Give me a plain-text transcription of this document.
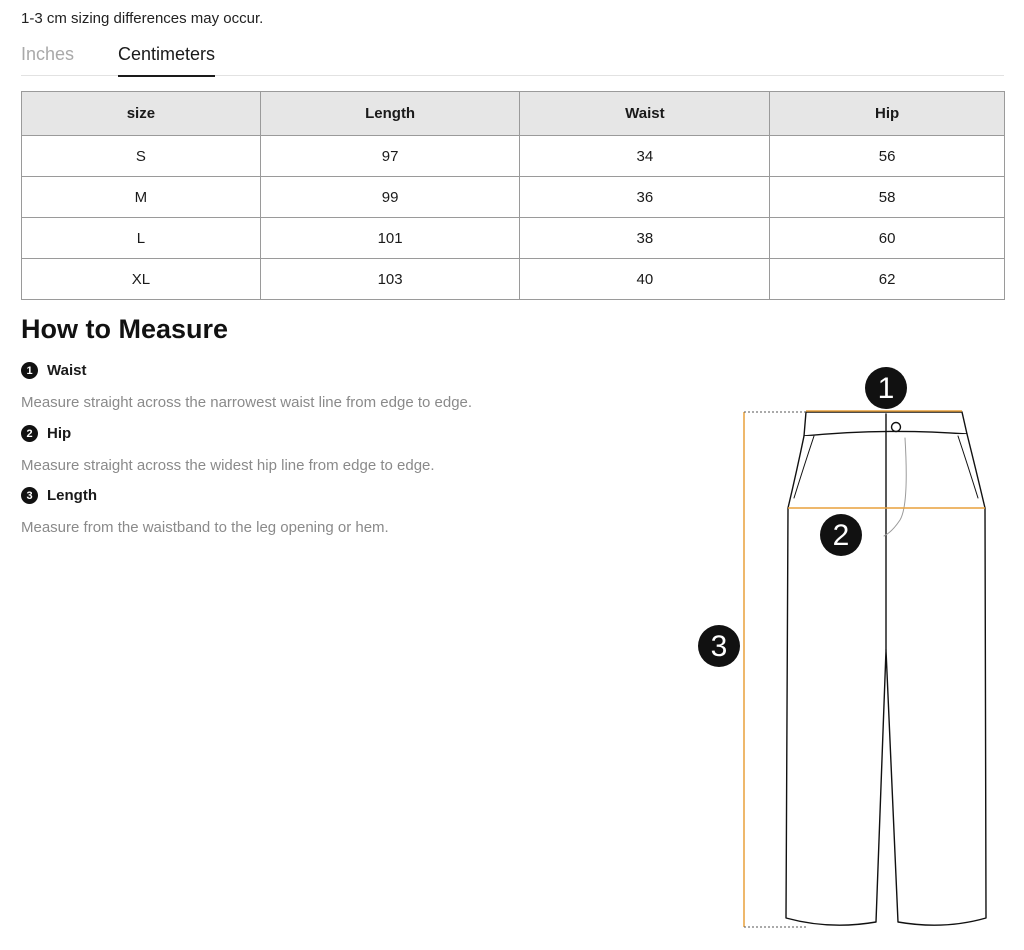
1-3 cm sizing differences may occur.
Inches Centimeters
size	Length	Waist	Hip
S	97	34	56
M	99	36	58
L	101	38	60
XL	103	40	62
How to Measure
1 Waist
Measure straight across the narrowest waist line from edge to edge.
2 Hip
Measure straight across the widest hip line from edge to edge.
3 Length
Measure from the waistband to the leg opening or hem.
1
2
3
